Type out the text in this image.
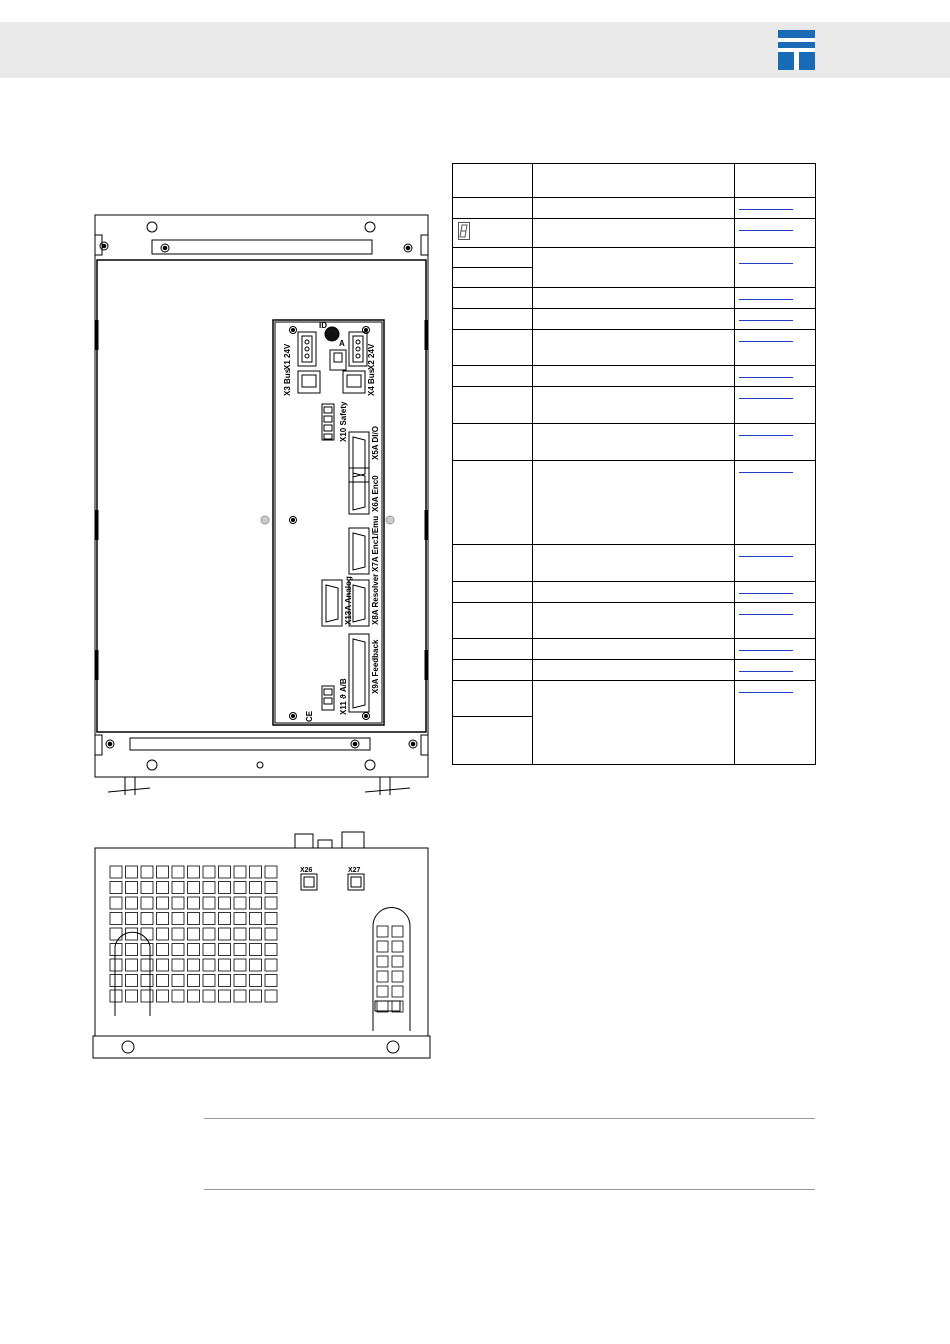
X1 24V
X2 24V
X3 Bus
X4 Bus
X10 Safety
X5A DI/O
X6A Enc0
X7A Enc1/Emu
X13A Analog
X8A Resolver
X9A Feedback
X11 ϑ A/B
ID
A
CE
X26	X27
